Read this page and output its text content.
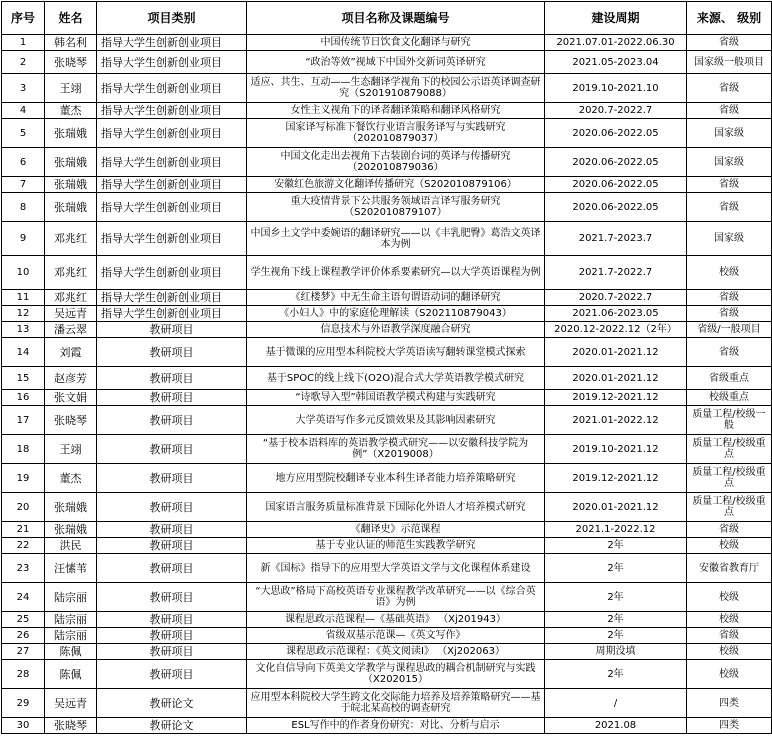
序号	姓名	项目类别	项目名称及课题编号	建设周期	来源、 级别
1	韩名利	指导大学生创新创业项目	中国传统节日饮食文化翻译与研究	2021.07.01-2022.06.30	省级
2	张晓琴	指导大学生创新创业项目	“政治等效”视域下中国外交新词英译研究	2021.05-2023.04	国家级一般项目
3	王翊	指导大学生创新创业项目	适应、共生、互动——生态翻译学视角下的校园公示语英译调查研究（S201910879088）	2019.10-2021.10	省级
4	董杰	指导大学生创新创业项目	女性主义视角下的译者翻译策略和翻译风格研究	2020.7-2022.7	省级
5	张瑞娥	指导大学生创新创业项目	国家译写标准下餐饮行业语言服务译写与实践研究（202010879037）	2020.06-2022.05	国家级
6	张瑞娥	指导大学生创新创业项目	中国文化走出去视角下古装剧台词的英译与传播研究（202010879036）	2020.06-2022.05	国家级
7	张瑞娥	指导大学生创新创业项目	安徽红色旅游文化翻译传播研究（S202010879106）	2020.06-2022.05	省级
8	张瑞娥	指导大学生创新创业项目	重大疫情背景下公共服务领域语言译写服务研究（S202010879107）	2020.06-2022.05	省级
9	邓兆红	指导大学生创新创业项目	中国乡土文学中委婉语的翻译研究——以《丰乳肥臀》葛浩文英译本为例	2021.7-2023.7	国家级
10	邓兆红	指导大学生创新创业项目	学生视角下线上课程教学评价体系要素研究—以大学英语课程为例	2021.7-2022.7	校级
11	邓兆红	指导大学生创新创业项目	《红楼梦》中无生命主语句谓语动词的翻译研究	2020.7-2022.7	省级
12	吴远青	指导大学生创新创业项目	《小妇人》中的家庭伦理解读（S202110879043）	2021.06-2023.05	省级
13	潘云翠	教研项目	信息技术与外语教学深度融合研究	2020.12-2022.12（2年）	省级/一般项目
14	刘霞	教研项目	基于微课的应用型本科院校大学英语读写翻转课堂模式探索	2020.01-2021.12	省级
15	赵彦芳	教研项目	基于SPOC的线上线下(O2O)混合式大学英语教学模式研究	2020.01-2021.12	省级重点
16	张文娟	教研项目	“诗歌导入型”韩国语教学模式构建与实践研究	2019.12-2021.12	校级重点
17	张晓琴	教研项目	大学英语写作多元反馈效果及其影响因素研究	2021.01-2022.12	质量工程/校级一般
18	王翊	教研项目	“基于校本语料库的英语教学模式研究——以安徽科技学院为例”（X2019008）	2019.10-2021.12	质量工程/校级重点
19	董杰	教研项目	地方应用型院校翻译专业本科生译者能力培养策略研究	2019.12-2021.12	质量工程/校级重点
20	张瑞娥	教研项目	国家语言服务质量标准背景下国际化外语人才培养模式研究	2020.01-2021.12	质量工程/校级重点
21	张瑞娥	教研项目	《翻译史》示范课程	2021.1-2022.12	省级
22	洪民	教研项目	基于专业认证的师范生实践教学研究	2年	校级
23	汪愫苇	教研项目	新《国标》指导下的应用型大学英语文学与文化课程体系建设	2年	安徽省教育厅
24	陆宗丽	教研项目	“大思政”格局下高校英语专业课程教学改革研究——以《综合英语》为例	2年	校级
25	陆宗丽	教研项目	课程思政示范课程—《基础英语》 （Xj201943）	2年	校级
26	陆宗丽	教研项目	省级双基示范课—《英文写作》	2年	省级
27	陈佩	教研项目	课程思政示范课程：《英文阅读I》 （Xj202063）	周期没填	校级
28	陈佩	教研项目	文化自信导向下英美文学教学与课程思政的耦合机制研究与实践（X202015）	2年	校级
29	吴远青	教研论文	应用型本科院校大学生跨文化交际能力培养及培养策略研究——基于皖北某高校的调查研究	/	四类
30	张晓琴	教研论文	ESL写作中的作者身份研究：对比、分析与启示	2021.08	四类
